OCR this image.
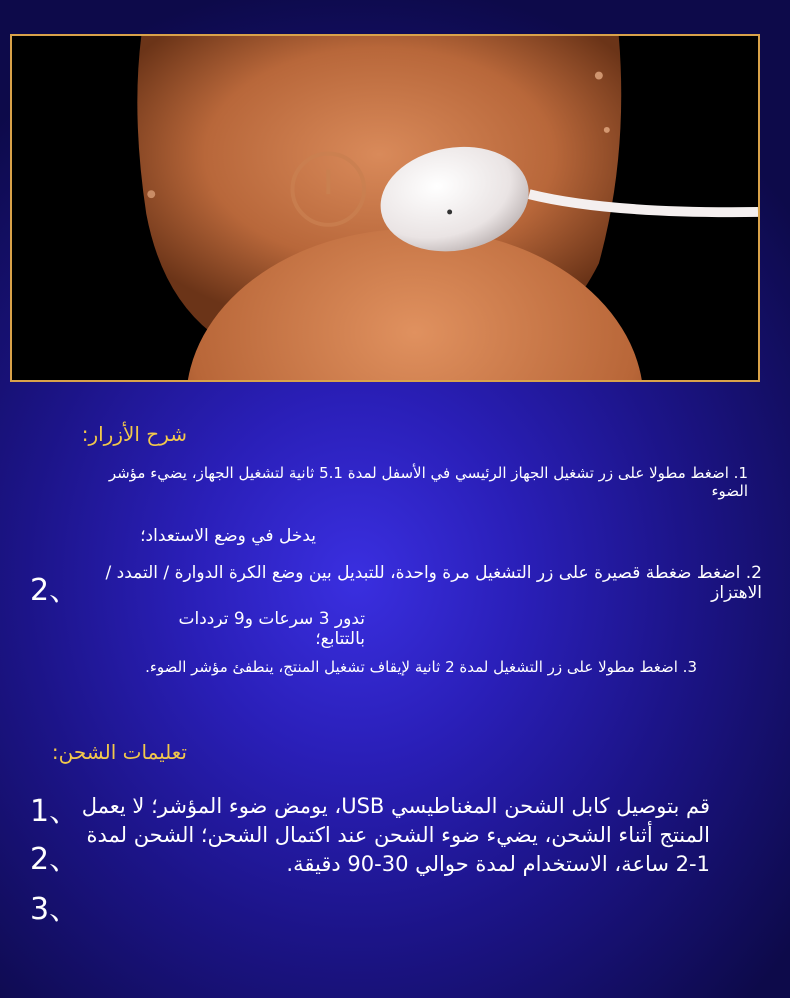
شرح الأزرار:
1. اضغط مطولا على زر تشغيل الجهاز الرئيسي في الأسفل لمدة 5.1 ثانية لتشغيل الجهاز، يضيء مؤشر الضوء
يدخل في وضع الاستعداد؛
2、	2. اضغط ضغطة قصيرة على زر التشغيل مرة واحدة، للتبديل بين وضع الكرة الدوارة / التمدد / الاهتزاز
تدور 3 سرعات و9 ترددات بالتتابع؛
3. اضغط مطولا على زر التشغيل لمدة 2 ثانية لإيقاف تشغيل المنتج، ينطفئ مؤشر الضوء.
تعليمات الشحن:
1、
2、
3、
قم بتوصيل كابل الشحن المغناطيسي USB، يومض ضوء المؤشر؛ لا يعمل المنتج أثناء الشحن، يضيء ضوء الشحن عند اكتمال الشحن؛ الشحن لمدة 1-2 ساعة، الاستخدام لمدة حوالي 30-90 دقيقة.
